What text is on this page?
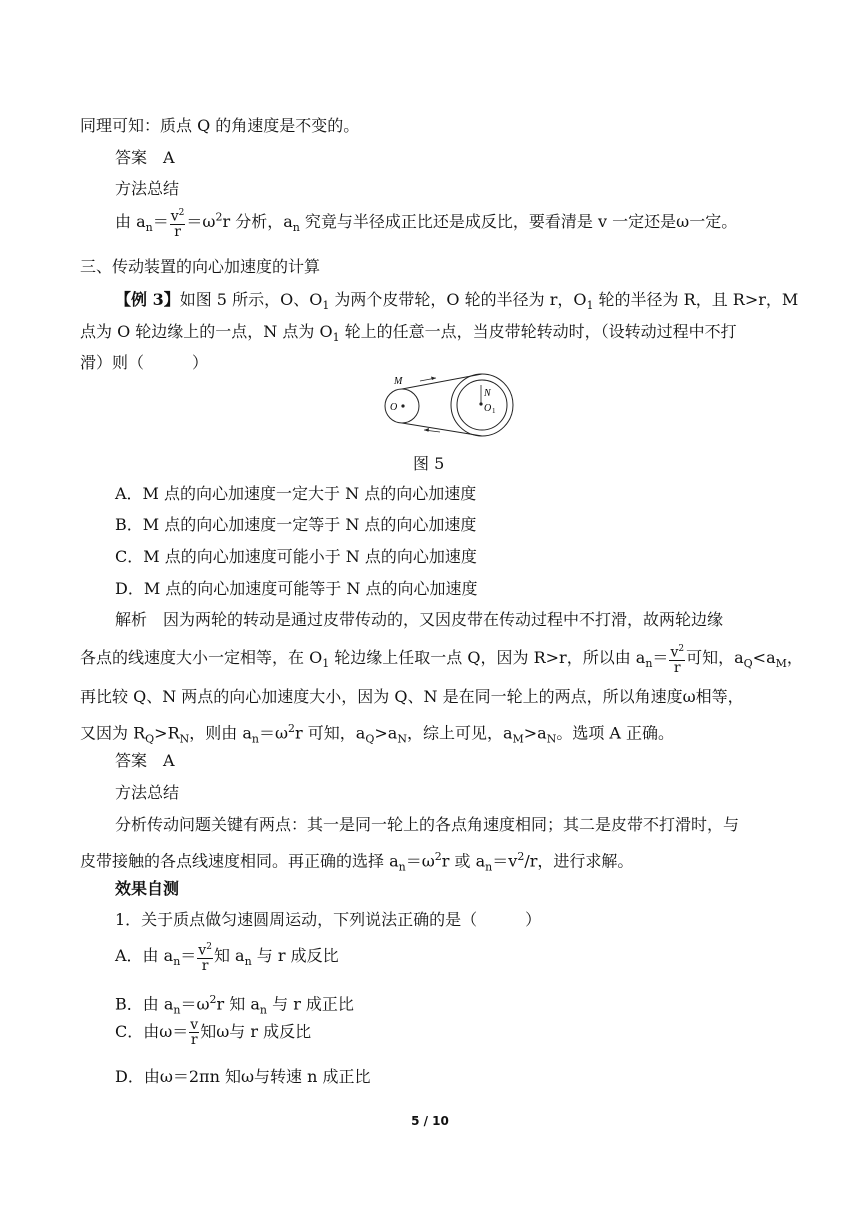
同理可知：质点 Q 的角速度是不变的。
答案　A
方法总结
由 $a_n= \frac{v^2}{r} =\omega^2r$ 分析，$a_n$ 究竟与半径成正比还是成反比，要看清是 v 一定还是ω一定。
三、传动装置的向心加速度的计算
【例 3】如图 5 所示，O、$O_1$ 为两个皮带轮，O 轮的半径为 r，$O_1$ 轮的半径为 R，且 R>r，M
点为 O 轮边缘上的一点，N 点为 $O_1$ 轮上的任意一点，当皮带轮转动时，（设转动过程中不打
滑）则（　　　）
M
O
N
O 1
图 5
A．M 点的向心加速度一定大于 N 点的向心加速度
B．M 点的向心加速度一定等于 N 点的向心加速度
C．M 点的向心加速度可能小于 N 点的向心加速度
D．M 点的向心加速度可能等于 N 点的向心加速度
解析　因为两轮的转动是通过皮带传动的，又因皮带在传动过程中不打滑，故两轮边缘
各点的线速度大小一定相等，在 $O_1$ 轮边缘上任取一点 Q，因为 R>r，所以由 $a_n= \frac{v^2}{r}$ 可知，$a_Q<a_M$，
再比较 Q、N 两点的向心加速度大小，因为 Q、N 是在同一轮上的两点，所以角速度ω相等，
又因为 $R_Q>R_N$，则由 $a_n=\omega^2r$ 可知，$a_Q>a_N$，综上可见，$a_M>a_N$。选项 A 正确。
答案　A
方法总结
分析传动问题关键有两点：其一是同一轮上的各点角速度相同；其二是皮带不打滑时，与
皮带接触的各点线速度相同。再正确的选择 $a_n=\omega^2r$ 或 $a_n=v^2/r$，进行求解。
效果自测
1．关于质点做匀速圆周运动，下列说法正确的是（　　　）
A．由 $a_n= \frac{v^2}{r}$ 知 $a_n$ 与 r 成反比
B．由 $a_n=\omega^2r$ 知 $a_n$ 与 r 成正比
C．由$\omega= \frac{v}{r}$ 知ω与 r 成反比
D．由ω＝2πn 知ω与转速 n 成正比
5 / 10
